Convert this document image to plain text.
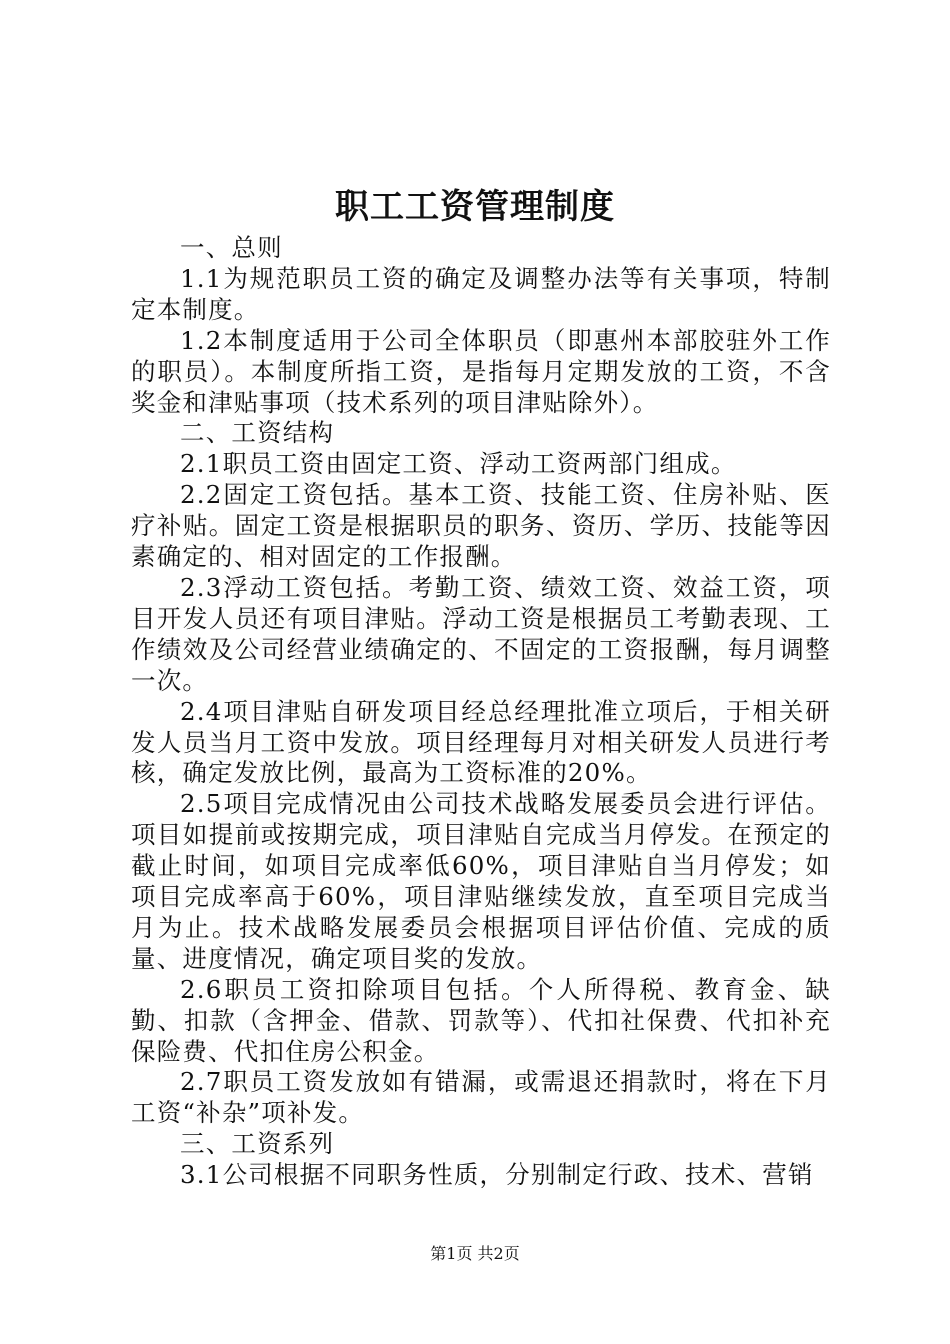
职工工资管理制度

一、总则

1.1为规范职员工资的确定及调整办法等有关事项，特制定本制度。

1.2本制度适用于公司全体职员（即惠州本部胶驻外工作的职员）。本制度所指工资，是指每月定期发放的工资，不含奖金和津贴事项（技术系列的项目津贴除外）。

二、工资结构

2.1职员工资由固定工资、浮动工资两部门组成。

2.2固定工资包括。基本工资、技能工资、住房补贴、医疗补贴。固定工资是根据职员的职务、资历、学历、技能等因素确定的、相对固定的工作报酬。

2.3浮动工资包括。考勤工资、绩效工资、效益工资，项目开发人员还有项目津贴。浮动工资是根据员工考勤表现、工作绩效及公司经营业绩确定的、不固定的工资报酬，每月调整一次。

2.4项目津贴自研发项目经总经理批准立项后，于相关研发人员当月工资中发放。项目经理每月对相关研发人员进行考核，确定发放比例，最高为工资标准的20%。

2.5项目完成情况由公司技术战略发展委员会进行评估。项目如提前或按期完成，项目津贴自完成当月停发。在预定的截止时间，如项目完成率低60%，项目津贴自当月停发；如项目完成率高于60%，项目津贴继续发放，直至项目完成当月为止。技术战略发展委员会根据项目评估价值、完成的质量、进度情况，确定项目奖的发放。

2.6职员工资扣除项目包括。个人所得税、教育金、缺勤、扣款（含押金、借款、罚款等）、代扣社保费、代扣补充保险费、代扣住房公积金。

2.7职员工资发放如有错漏，或需退还捐款时，将在下月工资“补杂”项补发。

三、工资系列

3.1公司根据不同职务性质，分别制定行政、技术、营销

第1页 共2页
